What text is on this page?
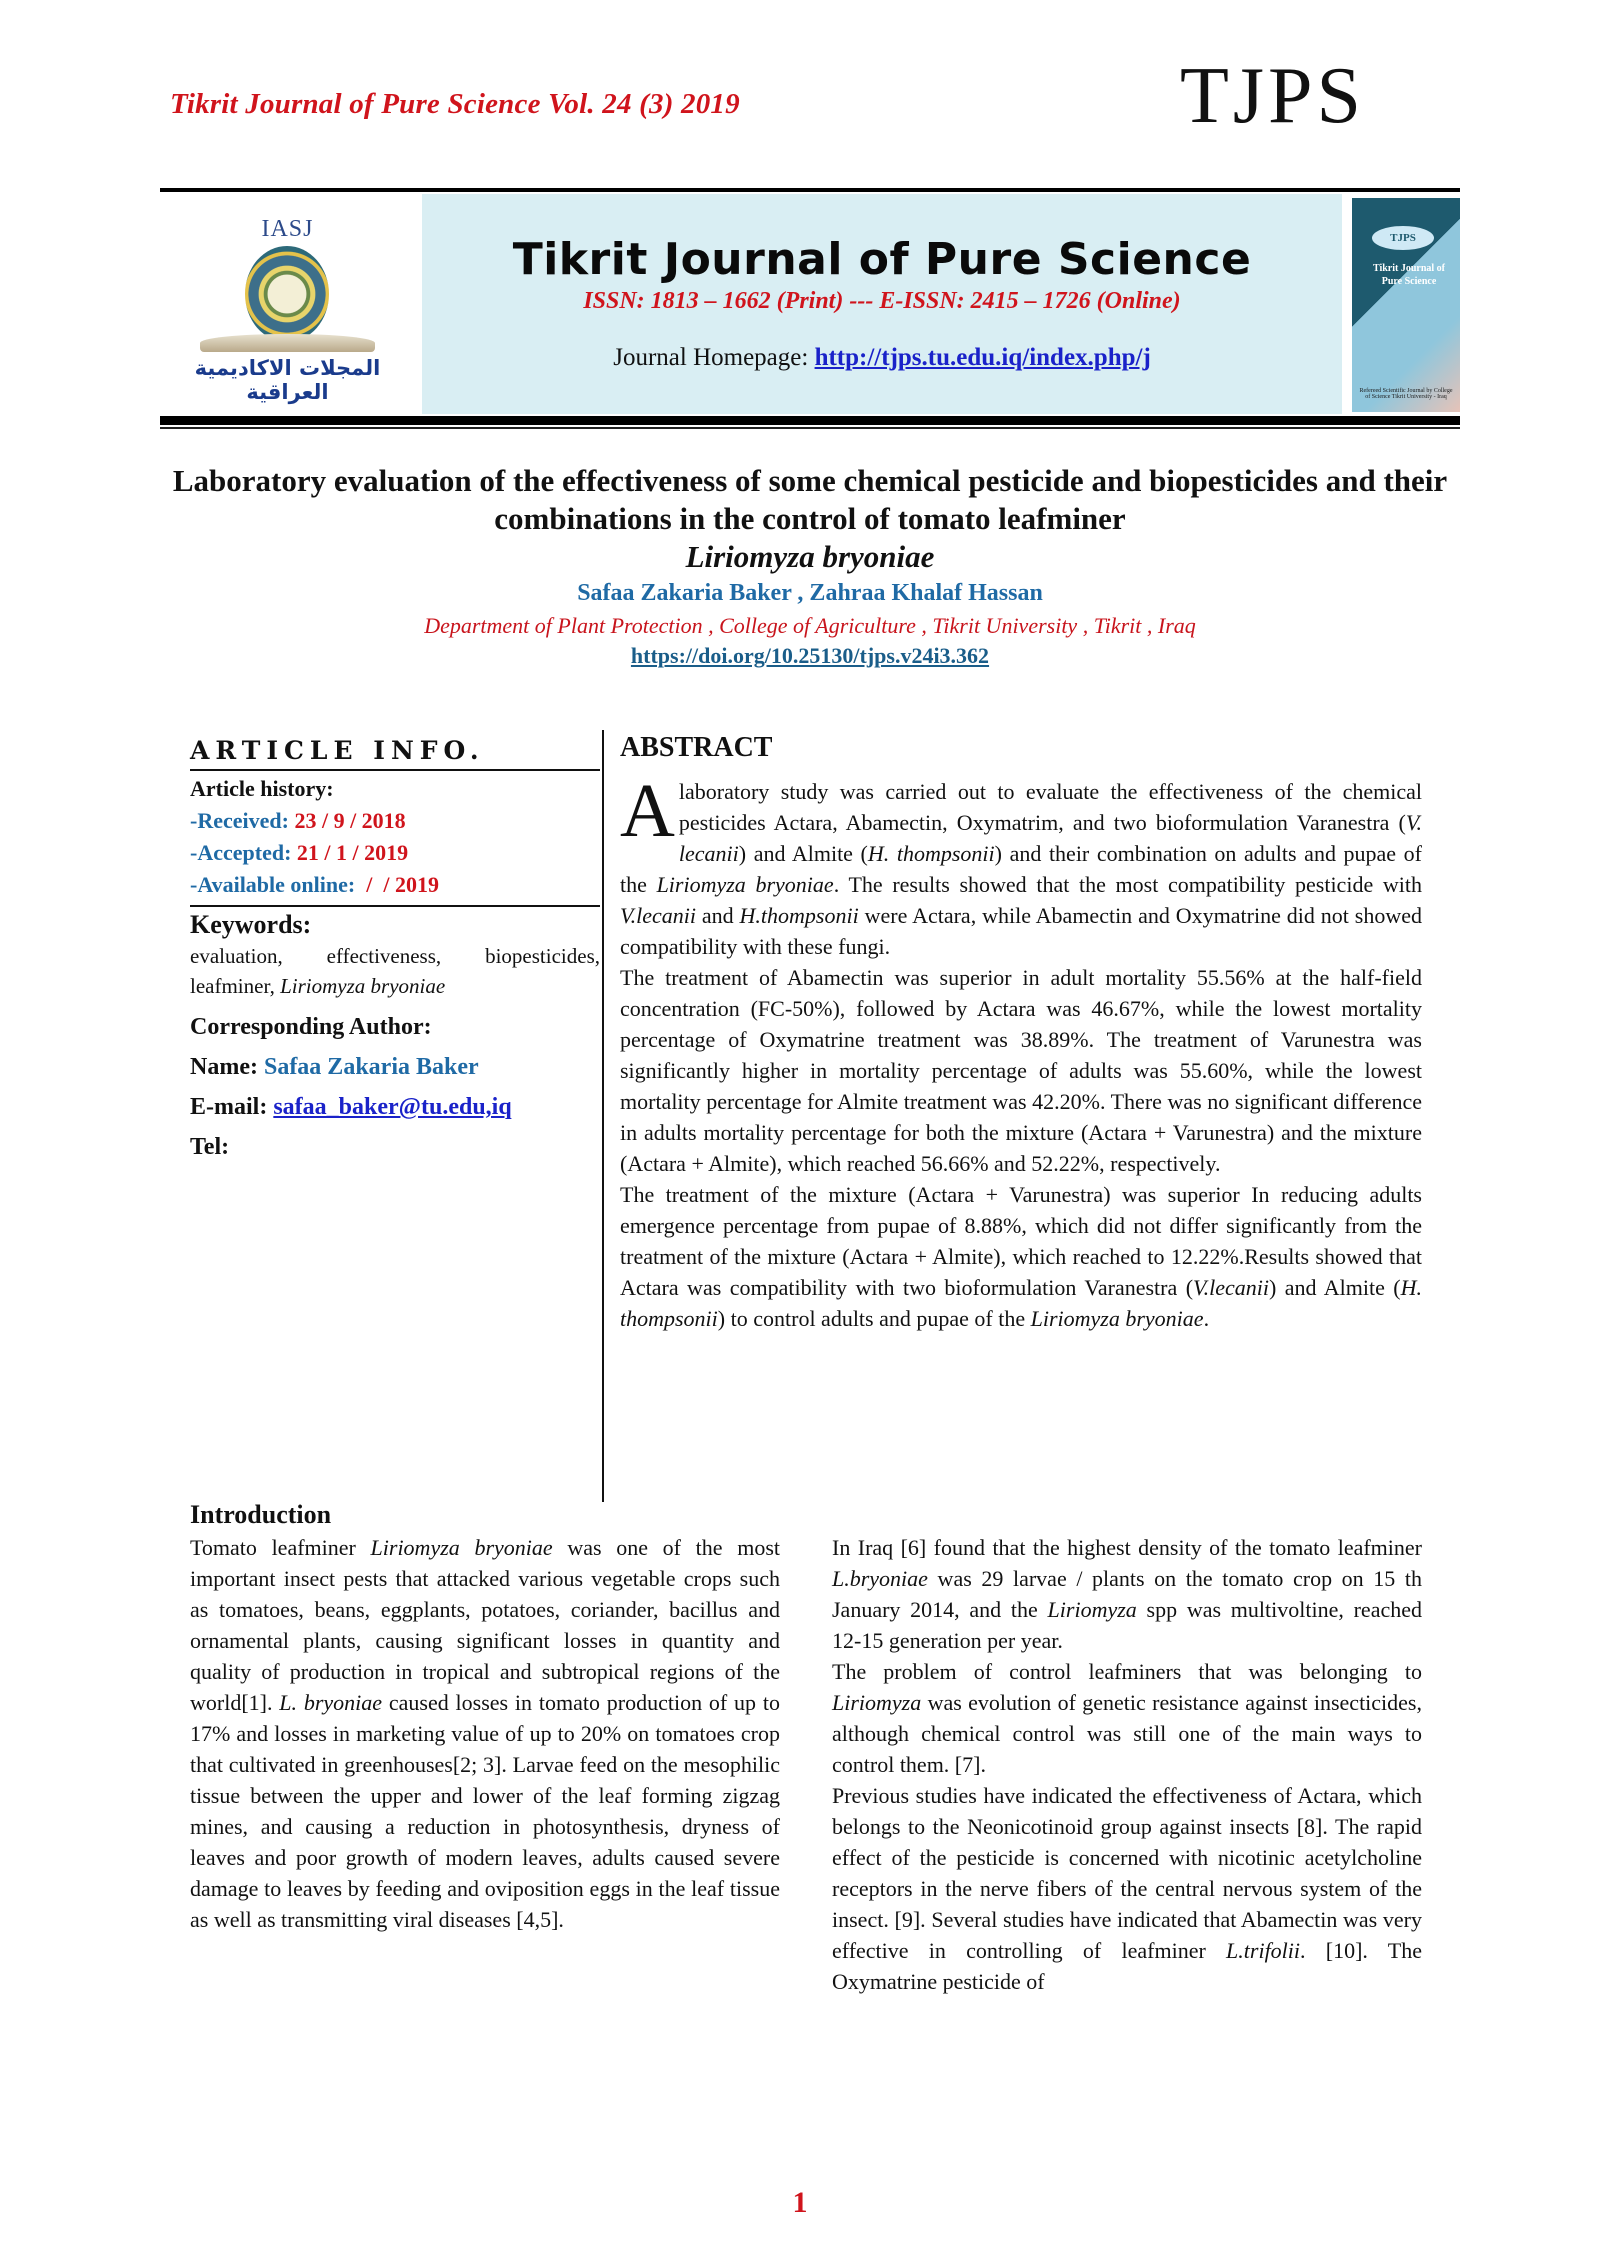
Tikrit Journal of Pure Science Vol. 24 (3) 2019	TJPS
IASJ
المجلات الاكاديمية العراقية
Tikrit Journal of Pure Science
ISSN: 1813 – 1662 (Print) --- E-ISSN: 2415 – 1726 (Online)
Journal Homepage: http://tjps.tu.edu.iq/index.php/j
TJPS
Tikrit Journal of Pure Science
Refereed Scientific Journal by College of Science Tikrit University - Iraq
Laboratory evaluation of the effectiveness of some chemical pesticide and biopesticides and their combinations in the control of tomato leafminer
Liriomyza bryoniae
Safaa Zakaria Baker , Zahraa Khalaf Hassan
Department of Plant Protection , College of Agriculture , Tikrit University , Tikrit , Iraq
https://doi.org/10.25130/tjps.v24i3.362
ARTICLE INFO.
Article history:
-Received: 23 / 9 / 2018
-Accepted: 21 / 1 / 2019
-Available online:  /  / 2019
Keywords:
evaluation, effectiveness, biopesticides, leafminer, Liriomyza bryoniae
Corresponding Author:
Name: Safaa Zakaria Baker
E-mail: safaa_baker@tu.edu,iq
Tel:
ABSTRACT

A laboratory study was carried out to evaluate the effectiveness of the chemical pesticides Actara, Abamectin, Oxymatrim, and two bioformulation Varanestra (V. lecanii) and Almite (H. thompsonii) and their combination on adults and pupae of the Liriomyza bryoniae. The results showed that the most compatibility pesticide with V.lecanii and H.thompsonii were Actara, while Abamectin and Oxymatrine did not showed compatibility with these fungi.

The treatment of Abamectin was superior in adult mortality 55.56% at the half-field concentration (FC-50%), followed by Actara was 46.67%, while the lowest mortality percentage of Oxymatrine treatment was 38.89%. The treatment of Varunestra was significantly higher in mortality percentage of adults was 55.60%, while the lowest mortality percentage for Almite treatment was 42.20%. There was no significant difference in adults mortality percentage for both the mixture (Actara + Varunestra) and the mixture (Actara + Almite), which reached 56.66% and 52.22%, respectively.

The treatment of the mixture (Actara + Varunestra) was superior In reducing adults emergence percentage from pupae of 8.88%, which did not differ significantly from the treatment of the mixture (Actara + Almite), which reached to 12.22%.Results showed that Actara was compatibility with two bioformulation Varanestra (V.lecanii) and Almite (H. thompsonii) to control adults and pupae of the Liriomyza bryoniae.

Introduction

Tomato leafminer Liriomyza bryoniae was one of the most important insect pests that attacked various vegetable crops such as tomatoes, beans, eggplants, potatoes, coriander, bacillus and ornamental plants, causing significant losses in quantity and quality of production in tropical and subtropical regions of the world[1]. L. bryoniae caused losses in tomato production of up to 17% and losses in marketing value of up to 20% on tomatoes crop that cultivated in greenhouses[2; 3]. Larvae feed on the mesophilic tissue between the upper and lower of the leaf forming zigzag mines, and causing a reduction in photosynthesis, dryness of leaves and poor growth of modern leaves, adults caused severe damage to leaves by feeding and oviposition eggs in the leaf tissue as well as transmitting viral diseases [4,5].

In Iraq [6] found that the highest density of the tomato leafminer L.bryoniae was 29 larvae / plants on the tomato crop on 15 th January 2014, and the Liriomyza spp was multivoltine, reached 12-15 generation per year.

The problem of control leafminers that was belonging to Liriomyza was evolution of genetic resistance against insecticides, although chemical control was still one of the main ways to control them. [7].

Previous studies have indicated the effectiveness of Actara, which belongs to the Neonicotinoid group against insects [8]. The rapid effect of the pesticide is concerned with nicotinic acetylcholine receptors in the nerve fibers of the central nervous system of the insect. [9]. Several studies have indicated that Abamectin was very effective in controlling of leafminer L.trifolii. [10]. The Oxymatrine pesticide of

1
